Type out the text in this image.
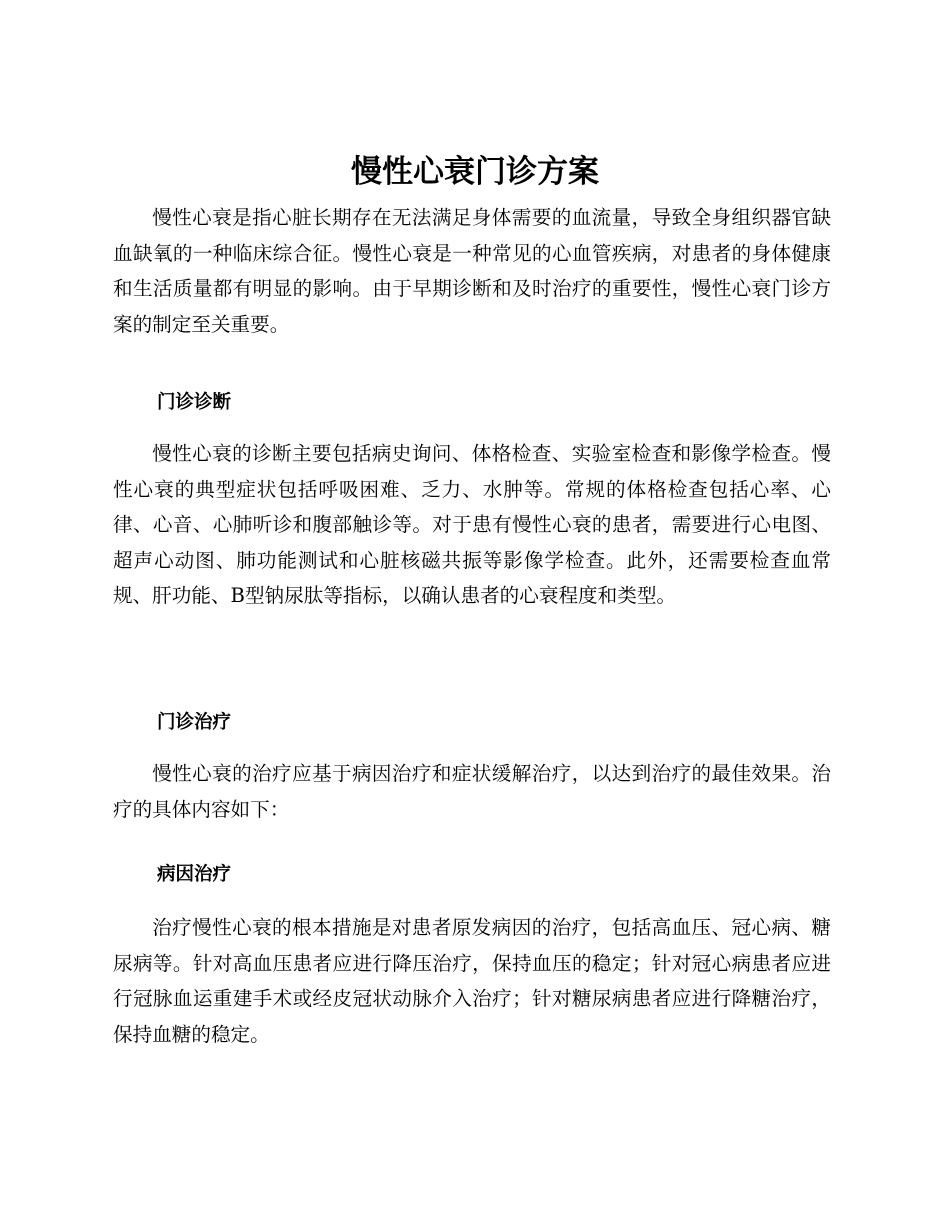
慢性心衰门诊方案

慢性心衰是指心脏长期存在无法满足身体需要的血流量，导致全身组织器官缺血缺氧的一种临床综合征。慢性心衰是一种常见的心血管疾病，对患者的身体健康和生活质量都有明显的影响。由于早期诊断和及时治疗的重要性，慢性心衰门诊方案的制定至关重要。

门诊诊断

慢性心衰的诊断主要包括病史询问、体格检查、实验室检查和影像学检查。慢性心衰的典型症状包括呼吸困难、乏力、水肿等。常规的体格检查包括心率、心律、心音、心肺听诊和腹部触诊等。对于患有慢性心衰的患者，需要进行心电图、超声心动图、肺功能测试和心脏核磁共振等影像学检查。此外，还需要检查血常规、肝功能、B型钠尿肽等指标，以确认患者的心衰程度和类型。

门诊治疗

慢性心衰的治疗应基于病因治疗和症状缓解治疗，以达到治疗的最佳效果。治疗的具体内容如下：

病因治疗

治疗慢性心衰的根本措施是对患者原发病因的治疗，包括高血压、冠心病、糖尿病等。针对高血压患者应进行降压治疗，保持血压的稳定；针对冠心病患者应进行冠脉血运重建手术或经皮冠状动脉介入治疗；针对糖尿病患者应进行降糖治疗，保持血糖的稳定。
